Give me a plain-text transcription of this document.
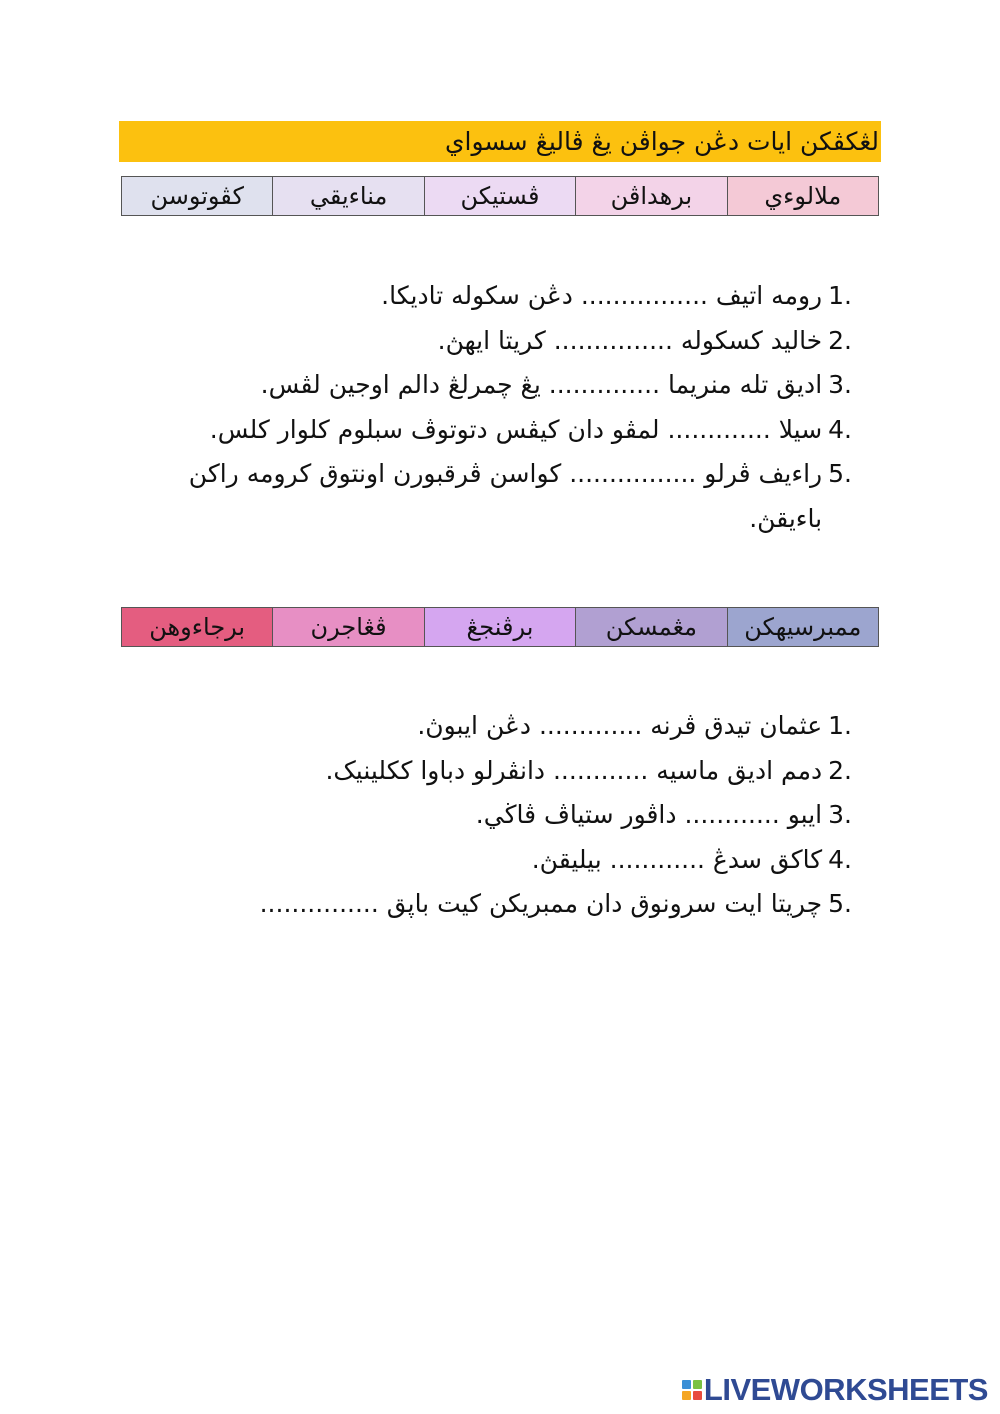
لڠكڤكن ايات دڠن جواڤن يڠ ڤاليڠ سسواي
ملالوءي
برهداڤن
ڤستيكن
مناءيقي
كڤوتوسن
1.
رومه اتيف ................ دڠن سكوله تاديكا.
2.
خاليد كسكوله ............... كريتا ايهڽ.
3.
اديق تله منريما .............. يڠ چمرلڠ دالم اوجين لڤس.
4.
سيلا ............. لمڤو دان كيڤس دتوتوڤ سبلوم كلوار كلس.
5.
راءيف ڤرلو ................ كواسن ڤرقبورن اونتوق كرومه راكن باءيقڽ.
ممبرسيهكن
مڠمسكن
برڤنجڠ
ڤڠاجرن
برجاءوهن
1.
عثمان تيدق ڤرنه ............. دڠن ايبوڽ.
2.
دمم اديق ماسيه ............ دانڤرلو دباوا ككلينيک.
3.
ايبو ............ داڤور ستياڤ ڤاڬي.
4.
كاكق سدڠ ............ بيليقڽ.
5.
چريتا ايت سرونوق دان ممبريكن كيت باڽق ...............
LIVEWORKSHEETS
